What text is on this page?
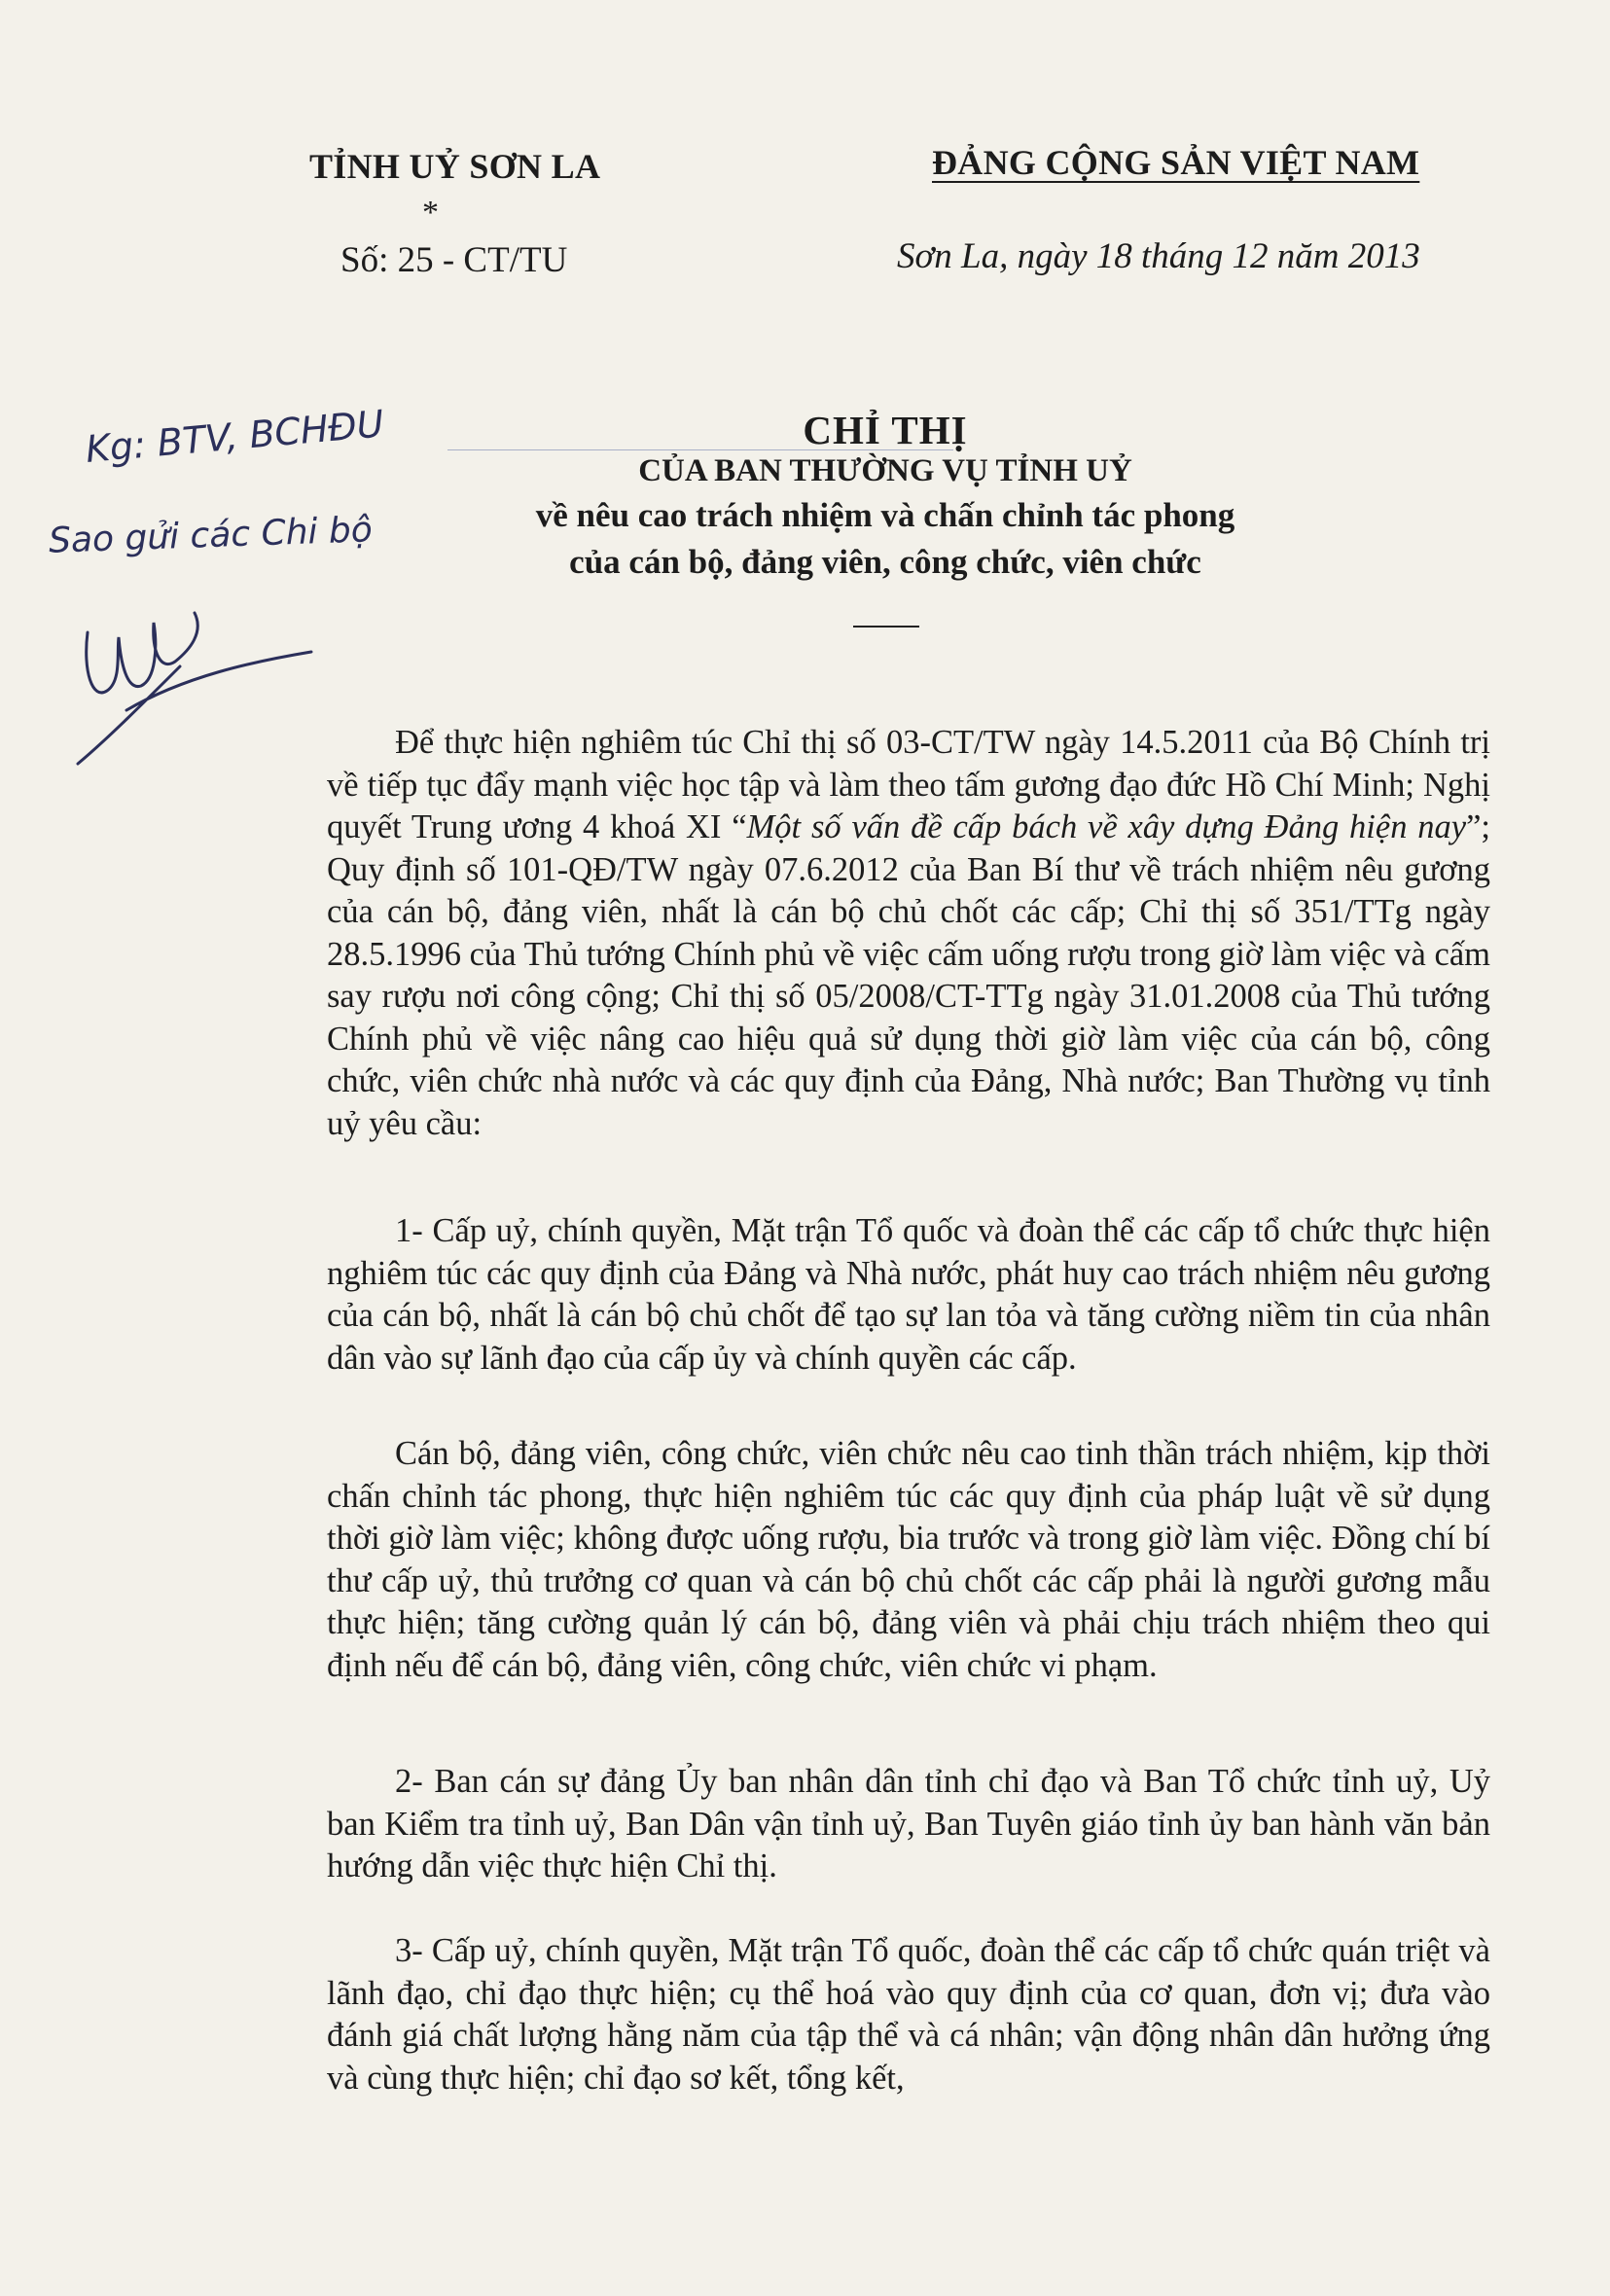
TỈNH UỶ SƠN LA
*
Số: 25 - CT/TU
ĐẢNG CỘNG SẢN VIỆT NAM
Sơn La, ngày 18 tháng 12 năm 2013
Kg: BTV, BCHĐU
Sao gửi các Chi bộ
CHỈ THỊ
CỦA BAN THƯỜNG VỤ TỈNH UỶ
về nêu cao trách nhiệm và chấn chỉnh tác phong
của cán bộ, đảng viên, công chức, viên chức

Để thực hiện nghiêm túc Chỉ thị số 03-CT/TW ngày 14.5.2011 của Bộ Chính trị về tiếp tục đẩy mạnh việc học tập và làm theo tấm gương đạo đức Hồ Chí Minh; Nghị quyết Trung ương 4 khoá XI “Một số vấn đề cấp bách về xây dựng Đảng hiện nay”; Quy định số 101-QĐ/TW ngày 07.6.2012 của Ban Bí thư về trách nhiệm nêu gương của cán bộ, đảng viên, nhất là cán bộ chủ chốt các cấp; Chỉ thị số 351/TTg ngày 28.5.1996 của Thủ tướng Chính phủ về việc cấm uống rượu trong giờ làm việc và cấm say rượu nơi công cộng; Chỉ thị số 05/2008/CT-TTg ngày 31.01.2008 của Thủ tướng Chính phủ về việc nâng cao hiệu quả sử dụng thời giờ làm việc của cán bộ, công chức, viên chức nhà nước và các quy định của Đảng, Nhà nước; Ban Thường vụ tỉnh uỷ yêu cầu:

1- Cấp uỷ, chính quyền, Mặt trận Tổ quốc và đoàn thể các cấp tổ chức thực hiện nghiêm túc các quy định của Đảng và Nhà nước, phát huy cao trách nhiệm nêu gương của cán bộ, nhất là cán bộ chủ chốt để tạo sự lan tỏa và tăng cường niềm tin của nhân dân vào sự lãnh đạo của cấp ủy và chính quyền các cấp.

Cán bộ, đảng viên, công chức, viên chức nêu cao tinh thần trách nhiệm, kịp thời chấn chỉnh tác phong, thực hiện nghiêm túc các quy định của pháp luật về sử dụng thời giờ làm việc; không được uống rượu, bia trước và trong giờ làm việc. Đồng chí bí thư cấp uỷ, thủ trưởng cơ quan và cán bộ chủ chốt các cấp phải là người gương mẫu thực hiện; tăng cường quản lý cán bộ, đảng viên và phải chịu trách nhiệm theo qui định nếu để cán bộ, đảng viên, công chức, viên chức vi phạm.

2- Ban cán sự đảng Ủy ban nhân dân tỉnh chỉ đạo và Ban Tổ chức tỉnh uỷ, Uỷ ban Kiểm tra tỉnh uỷ, Ban Dân vận tỉnh uỷ, Ban Tuyên giáo tỉnh ủy ban hành văn bản hướng dẫn việc thực hiện Chỉ thị.

3- Cấp uỷ, chính quyền, Mặt trận Tổ quốc, đoàn thể các cấp tổ chức quán triệt và lãnh đạo, chỉ đạo thực hiện; cụ thể hoá vào quy định của cơ quan, đơn vị; đưa vào đánh giá chất lượng hằng năm của tập thể và cá nhân; vận động nhân dân hưởng ứng và cùng thực hiện; chỉ đạo sơ kết, tổng kết,
